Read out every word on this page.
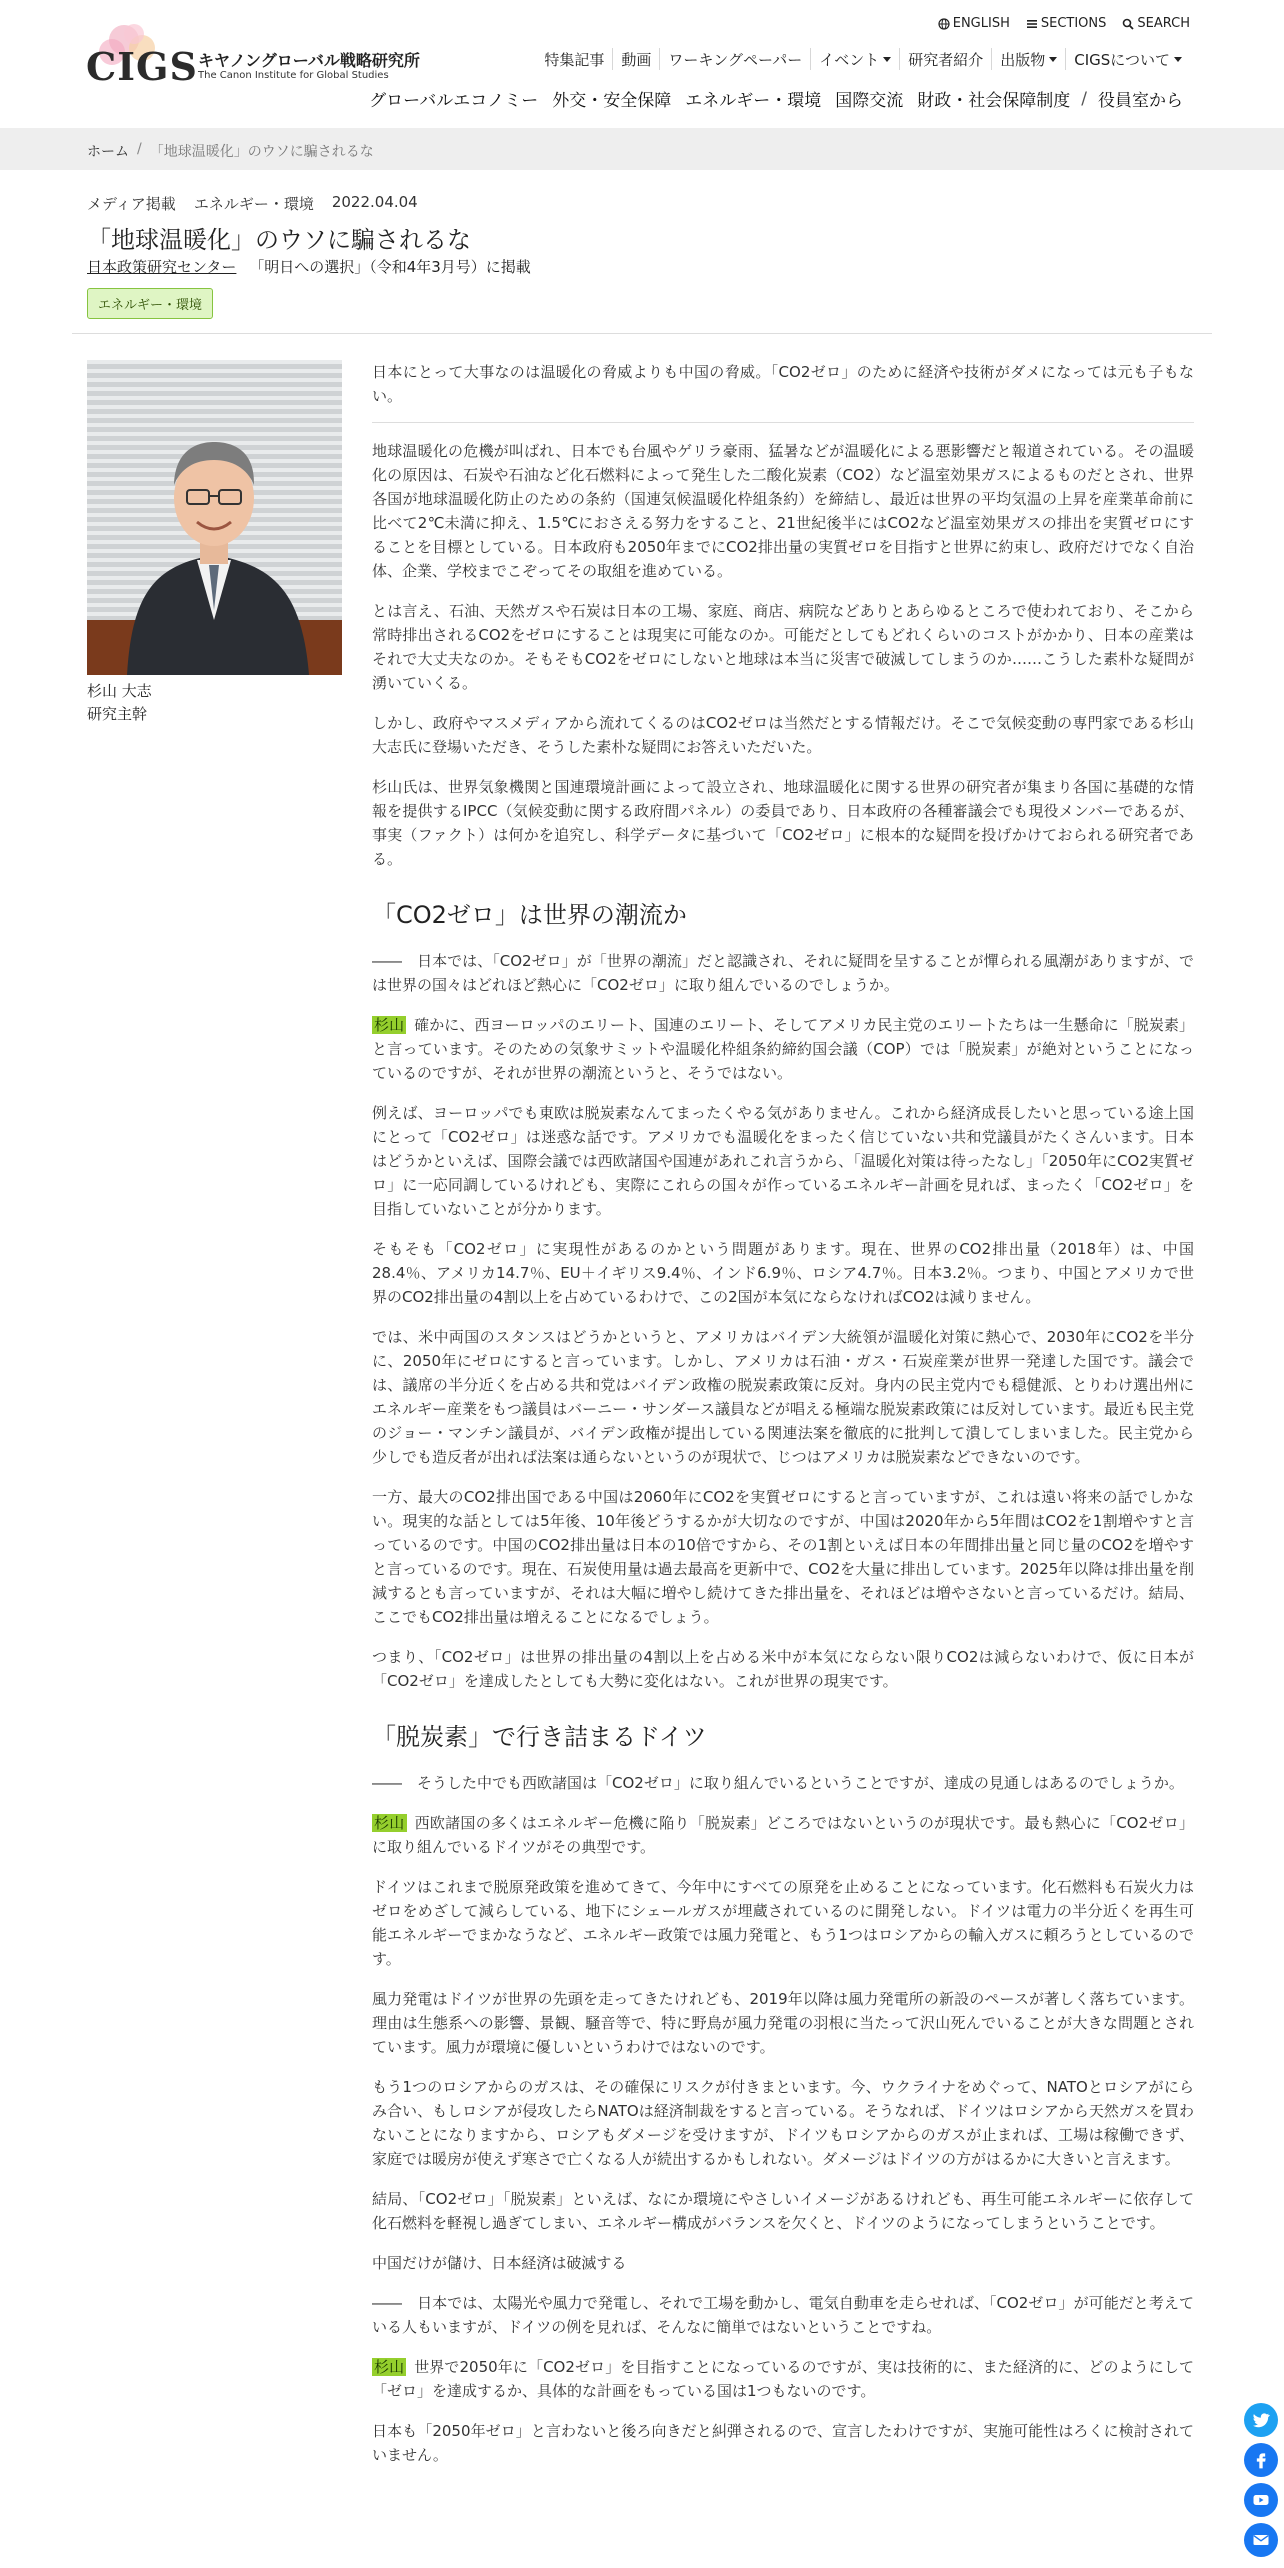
CIGS キヤノングローバル戦略研究所
The Canon Institute for Global Studies
ENGLISH SECTIONS SEARCH
特集記事	動画	ワーキングペーパー	イベント	研究者紹介	出版物 CIGSについて
グローバルエコノミー 外交・安全保障 エネルギー・環境 国際交流 財政・社会保障制度 / 役員室から
ホーム / 「地球温暖化」のウソに騙されるな
メディア掲載 エネルギー・環境 2022.04.04
「地球温暖化」のウソに騙されるな
日本政策研究センター 「明日への選択」（令和4年3月号）に掲載
エネルギー・環境
杉山 大志
研究主幹

日本にとって大事なのは温暖化の脅威よりも中国の脅威。「CO2ゼロ」のために経済や技術がダメになっては元も子もない。

地球温暖化の危機が叫ばれ、日本でも台風やゲリラ豪雨、猛暑などが温暖化による悪影響だと報道されている。その温暖化の原因は、石炭や石油など化石燃料によって発生した二酸化炭素（CO2）など温室効果ガスによるものだとされ、世界各国が地球温暖化防止のための条約（国連気候温暖化枠組条約）を締結し、最近は世界の平均気温の上昇を産業革命前に比べて2℃未満に抑え、1.5℃におさえる努力をすること、21世紀後半にはCO2など温室効果ガスの排出を実質ゼロにすることを目標としている。日本政府も2050年までにCO2排出量の実質ゼロを目指すと世界に約束し、政府だけでなく自治体、企業、学校までこぞってその取組を進めている。

とは言え、石油、天然ガスや石炭は日本の工場、家庭、商店、病院などありとあらゆるところで使われており、そこから常時排出されるCO2をゼロにすることは現実に可能なのか。可能だとしてもどれくらいのコストがかかり、日本の産業はそれで大丈夫なのか。そもそもCO2をゼロにしないと地球は本当に災害で破滅してしまうのか……こうした素朴な疑問が湧いていくる。

しかし、政府やマスメディアから流れてくるのはCO2ゼロは当然だとする情報だけ。そこで気候変動の専門家である杉山大志氏に登場いただき、そうした素朴な疑問にお答えいただいた。

杉山氏は、世界気象機関と国連環境計画によって設立され、地球温暖化に関する世界の研究者が集まり各国に基礎的な情報を提供するIPCC（気候変動に関する政府間パネル）の委員であり、日本政府の各種審議会でも現役メンバーであるが、事実（ファクト）は何かを追究し、科学データに基づいて「CO2ゼロ」に根本的な疑問を投げかけておられる研究者である。

「CO2ゼロ」は世界の潮流か

――　日本では、「CO2ゼロ」が「世界の潮流」だと認識され、それに疑問を呈することが憚られる風潮がありますが、では世界の国々はどれほど熱心に「CO2ゼロ」に取り組んでいるのでしょうか。

杉山 確かに、西ヨーロッパのエリート、国連のエリート、そしてアメリカ民主党のエリートたちは一生懸命に「脱炭素」と言っています。そのための気象サミットや温暖化枠組条約締約国会議（COP）では「脱炭素」が絶対ということになっているのですが、それが世界の潮流というと、そうではない。

例えば、ヨーロッパでも東欧は脱炭素なんてまったくやる気がありません。これから経済成長したいと思っている途上国にとって「CO2ゼロ」は迷惑な話です。アメリカでも温暖化をまったく信じていない共和党議員がたくさんいます。日本はどうかといえば、国際会議では西欧諸国や国連があれこれ言うから、「温暖化対策は待ったなし」「2050年にCO2実質ゼロ」に一応同調しているけれども、実際にこれらの国々が作っているエネルギー計画を見れば、まったく「CO2ゼロ」を目指していないことが分かります。

そもそも「CO2ゼロ」に実現性があるのかという問題があります。現在、世界のCO2排出量（2018年）は、中国28.4％、アメリカ14.7％、EU＋イギリス9.4％、インド6.9％、ロシア4.7％。日本3.2％。つまり、中国とアメリカで世界のCO2排出量の4割以上を占めているわけで、この2国が本気にならなければCO2は減りません。

では、米中両国のスタンスはどうかというと、アメリカはバイデン大統領が温暖化対策に熱心で、2030年にCO2を半分に、2050年にゼロにすると言っています。しかし、アメリカは石油・ガス・石炭産業が世界一発達した国です。議会では、議席の半分近くを占める共和党はバイデン政権の脱炭素政策に反対。身内の民主党内でも穏健派、とりわけ選出州にエネルギー産業をもつ議員はバーニー・サンダース議員などが唱える極端な脱炭素政策には反対しています。最近も民主党のジョー・マンチン議員が、バイデン政権が提出している関連法案を徹底的に批判して潰してしまいました。民主党から少しでも造反者が出れば法案は通らないというのが現状で、じつはアメリカは脱炭素などできないのです。

一方、最大のCO2排出国である中国は2060年にCO2を実質ゼロにすると言っていますが、これは遠い将来の話でしかない。現実的な話としては5年後、10年後どうするかが大切なのですが、中国は2020年から5年間はCO2を1割増やすと言っているのです。中国のCO2排出量は日本の10倍ですから、その1割といえば日本の年間排出量と同じ量のCO2を増やすと言っているのです。現在、石炭使用量は過去最高を更新中で、CO2を大量に排出しています。2025年以降は排出量を削減するとも言っていますが、それは大幅に増やし続けてきた排出量を、それほどは増やさないと言っているだけ。結局、ここでもCO2排出量は増えることになるでしょう。

つまり、「CO2ゼロ」は世界の排出量の4割以上を占める米中が本気にならない限りCO2は減らないわけで、仮に日本が「CO2ゼロ」を達成したとしても大勢に変化はない。これが世界の現実です。

「脱炭素」で行き詰まるドイツ

――　そうした中でも西欧諸国は「CO2ゼロ」に取り組んでいるということですが、達成の見通しはあるのでしょうか。

杉山 西欧諸国の多くはエネルギー危機に陥り「脱炭素」どころではないというのが現状です。最も熱心に「CO2ゼロ」に取り組んでいるドイツがその典型です。

ドイツはこれまで脱原発政策を進めてきて、今年中にすべての原発を止めることになっています。化石燃料も石炭火力はゼロをめざして減らしている、地下にシェールガスが埋蔵されているのに開発しない。ドイツは電力の半分近くを再生可能エネルギーでまかなうなど、エネルギー政策では風力発電と、もう1つはロシアからの輸入ガスに頼ろうとしているのです。

風力発電はドイツが世界の先頭を走ってきたけれども、2019年以降は風力発電所の新設のペースが著しく落ちています。理由は生態系への影響、景観、騒音等で、特に野鳥が風力発電の羽根に当たって沢山死んでいることが大きな問題とされています。風力が環境に優しいというわけではないのです。

もう1つのロシアからのガスは、その確保にリスクが付きまといます。今、ウクライナをめぐって、NATOとロシアがにらみ合い、もしロシアが侵攻したらNATOは経済制裁をすると言っている。そうなれば、ドイツはロシアから天然ガスを買わないことになりますから、ロシアもダメージを受けますが、ドイツもロシアからのガスが止まれば、工場は稼働できず、家庭では暖房が使えず寒さで亡くなる人が続出するかもしれない。ダメージはドイツの方がはるかに大きいと言えます。

結局、「CO2ゼロ」「脱炭素」といえば、なにか環境にやさしいイメージがあるけれども、再生可能エネルギーに依存して化石燃料を軽視し過ぎてしまい、エネルギー構成がバランスを欠くと、ドイツのようになってしまうということです。

中国だけが儲け、日本経済は破滅する

――　日本では、太陽光や風力で発電し、それで工場を動かし、電気自動車を走らせれば、「CO2ゼロ」が可能だと考えている人もいますが、ドイツの例を見れば、そんなに簡単ではないということですね。

杉山 世界で2050年に「CO2ゼロ」を目指すことになっているのですが、実は技術的に、また経済的に、どのようにして「ゼロ」を達成するか、具体的な計画をもっている国は1つもないのです。

日本も「2050年ゼロ」と言わないと後ろ向きだと糾弾されるので、宣言したわけですが、実施可能性はろくに検討されていません。
